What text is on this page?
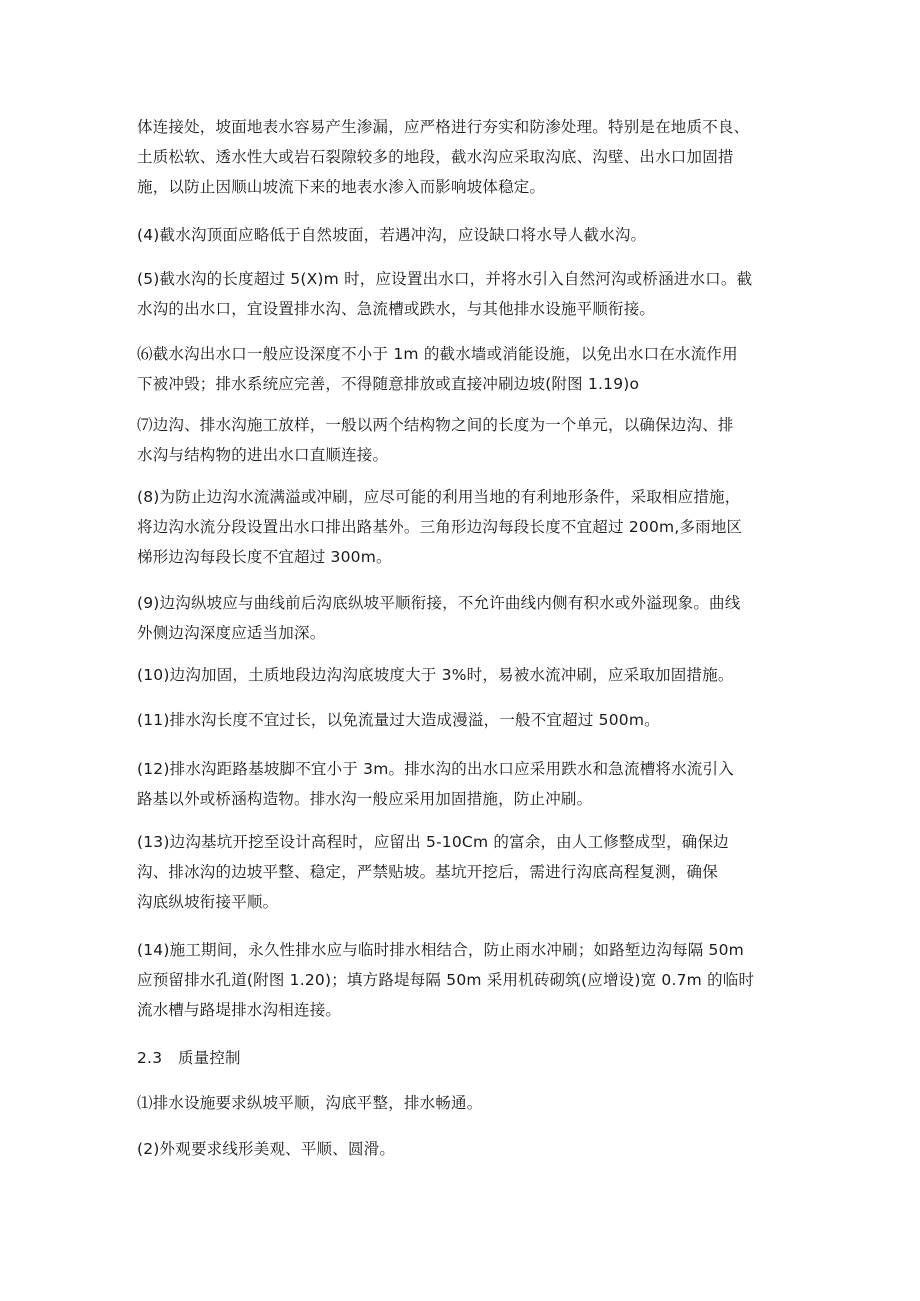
体连接处，坡面地表水容易产生渗漏，应严格进行夯实和防渗处理。特别是在地质不良、
土质松软、透水性大或岩石裂隙较多的地段，截水沟应采取沟底、沟壁、出水口加固措
施，以防止因顺山坡流下来的地表水渗入而影响坡体稳定。

(4)截水沟顶面应略低于自然坡面，若遇冲沟，应设缺口将水导人截水沟。

(5)截水沟的长度超过 5(X)m 时，应设置出水口，并将水引入自然河沟或桥涵进水口。截
水沟的出水口，宜设置排水沟、急流槽或跌水，与其他排水设施平顺衔接。

⑹截水沟出水口一般应设深度不小于 1m 的截水墙或消能设施，以免出水口在水流作用
下被冲毁；排水系统应完善，不得随意排放或直接冲刷边坡(附图 1.19)o

⑺边沟、排水沟施工放样，一般以两个结构物之间的长度为一个单元，以确保边沟、排
水沟与结构物的进出水口直顺连接。

(8)为防止边沟水流满溢或冲刷，应尽可能的利用当地的有利地形条件，采取相应措施，
将边沟水流分段设置出水口排出路基外。三角形边沟每段长度不宜超过 200m,多雨地区
梯形边沟每段长度不宜超过 300m。

(9)边沟纵坡应与曲线前后沟底纵坡平顺衔接，不允许曲线内侧有积水或外溢现象。曲线
外侧边沟深度应适当加深。

(10)边沟加固，土质地段边沟沟底坡度大于 3%时，易被水流冲刷，应采取加固措施。

(11)排水沟长度不宜过长，以免流量过大造成漫溢，一般不宜超过 500m。

(12)排水沟距路基坡脚不宜小于 3m。排水沟的出水口应采用跌水和急流槽将水流引入
路基以外或桥涵构造物。排水沟一般应采用加固措施，防止冲刷。

(13)边沟基坑开挖至设计高程时，应留出 5-10Cm 的富余，由人工修整成型，确保边
沟、排冰沟的边坡平整、稳定，严禁贴坡。基坑开挖后，需进行沟底高程复测，确保
沟底纵坡衔接平顺。

(14)施工期间，永久性排水应与临时排水相结合，防止雨水冲刷；如路堑边沟每隔 50m
应预留排水孔道(附图 1.20)；填方路堤每隔 50m 采用机砖砌筑(应增设)宽 0.7m 的临时
流水槽与路堤排水沟相连接。

2.3　质量控制

⑴排水设施要求纵坡平顺，沟底平整，排水畅通。

(2)外观要求线形美观、平顺、圆滑。
